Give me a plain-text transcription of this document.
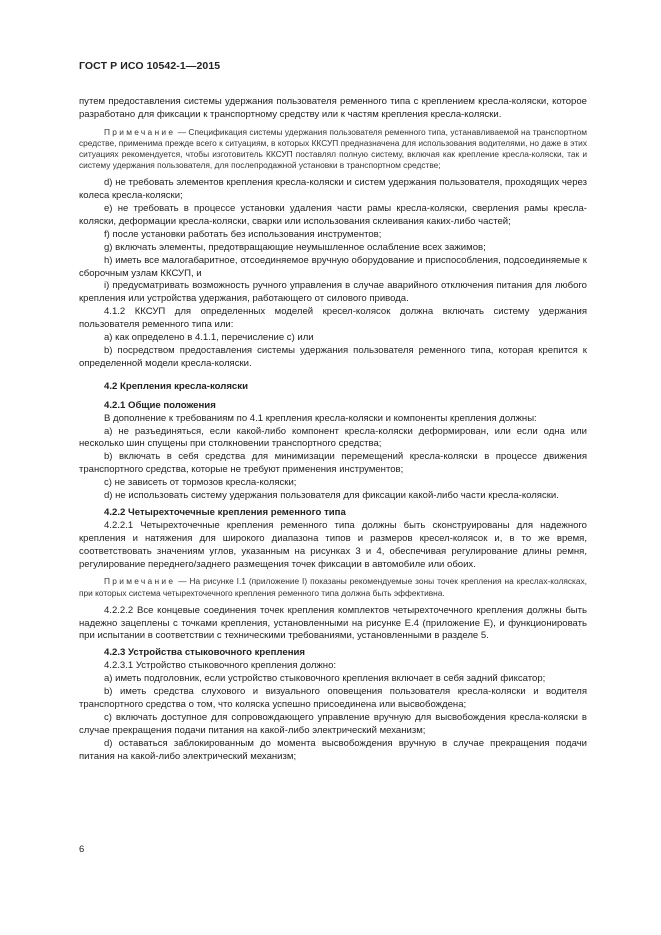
ГОСТ Р ИСО 10542-1—2015

путем предоставления системы удержания пользователя ременного типа с креплением кресла-коляски, которое разработано для фиксации к транспортному средству или к частям крепления кресла-коляски.

Примечание — Спецификация системы удержания пользователя ременного типа, устанавливаемой на транспортном средстве, применима прежде всего к ситуациям, в которых ККСУП предназначена для использования водителями, но даже в этих ситуациях рекомендуется, чтобы изготовитель ККСУП поставлял полную систему, включая как крепление кресла-коляски, так и систему удержания пользователя, для послепродажной установки в транспортном средстве;

d) не требовать элементов крепления кресла-коляски и систем удержания пользователя, проходящих через колеса кресла-коляски;

e) не требовать в процессе установки удаления части рамы кресла-коляски, сверления рамы кресла-коляски, деформации кресла-коляски, сварки или использования склеивания каких-либо частей;

f) после установки работать без использования инструментов;

g) включать элементы, предотвращающие неумышленное ослабление всех зажимов;

h) иметь все малогабаритное, отсоединяемое вручную оборудование и приспособления, подсоединяемые к сборочным узлам ККСУП, и

i) предусматривать возможность ручного управления в случае аварийного отключения питания для любого крепления или устройства удержания, работающего от силового привода.

4.1.2 ККСУП для определенных моделей кресел-колясок должна включать систему удержания пользователя ременного типа или:

a) как определено в 4.1.1, перечисление c) или

b) посредством предоставления системы удержания пользователя ременного типа, которая крепится к определенной модели кресла-коляски.

4.2 Крепления кресла-коляски
4.2.1 Общие положения

В дополнение к требованиям по 4.1 крепления кресла-коляски и компоненты крепления должны:

a) не разъединяться, если какой-либо компонент кресла-коляски деформирован, или если одна или несколько шин спущены при столкновении транспортного средства;

b) включать в себя средства для минимизации перемещений кресла-коляски в процессе движения транспортного средства, которые не требуют применения инструментов;

c) не зависеть от тормозов кресла-коляски;

d) не использовать систему удержания пользователя для фиксации какой-либо части кресла-коляски.

4.2.2 Четырехточечные крепления ременного типа

4.2.2.1 Четырехточечные крепления ременного типа должны быть сконструированы для надежного крепления и натяжения для широкого диапазона типов и размеров кресел-колясок и, в то же время, соответствовать значениям углов, указанным на рисунках 3 и 4, обеспечивая регулирование длины ремня, регулирование переднего/заднего размещения точек фиксации в автомобиле или обоих.

Примечание — На рисунке I.1 (приложение I) показаны рекомендуемые зоны точек крепления на креслах-колясках, при которых система четырехточечного крепления ременного типа должна быть эффективна.

4.2.2.2 Все концевые соединения точек крепления комплектов четырехточечного крепления должны быть надежно зацеплены с точками крепления, установленными на рисунке E.4 (приложение E), и функционировать при испытании в соответствии с техническими требованиями, установленными в разделе 5.

4.2.3 Устройства стыковочного крепления

4.2.3.1 Устройство стыковочного крепления должно:

a) иметь подголовник, если устройство стыковочного крепления включает в себя задний фиксатор;

b) иметь средства слухового и визуального оповещения пользователя кресла-коляски и водителя транспортного средства о том, что коляска успешно присоединена или высвобождена;

c) включать доступное для сопровождающего управление вручную для высвобождения кресла-коляски в случае прекращения подачи питания на какой-либо электрический механизм;

d) оставаться заблокированным до момента высвобождения вручную в случае прекращения подачи питания на какой-либо электрический механизм;

6
